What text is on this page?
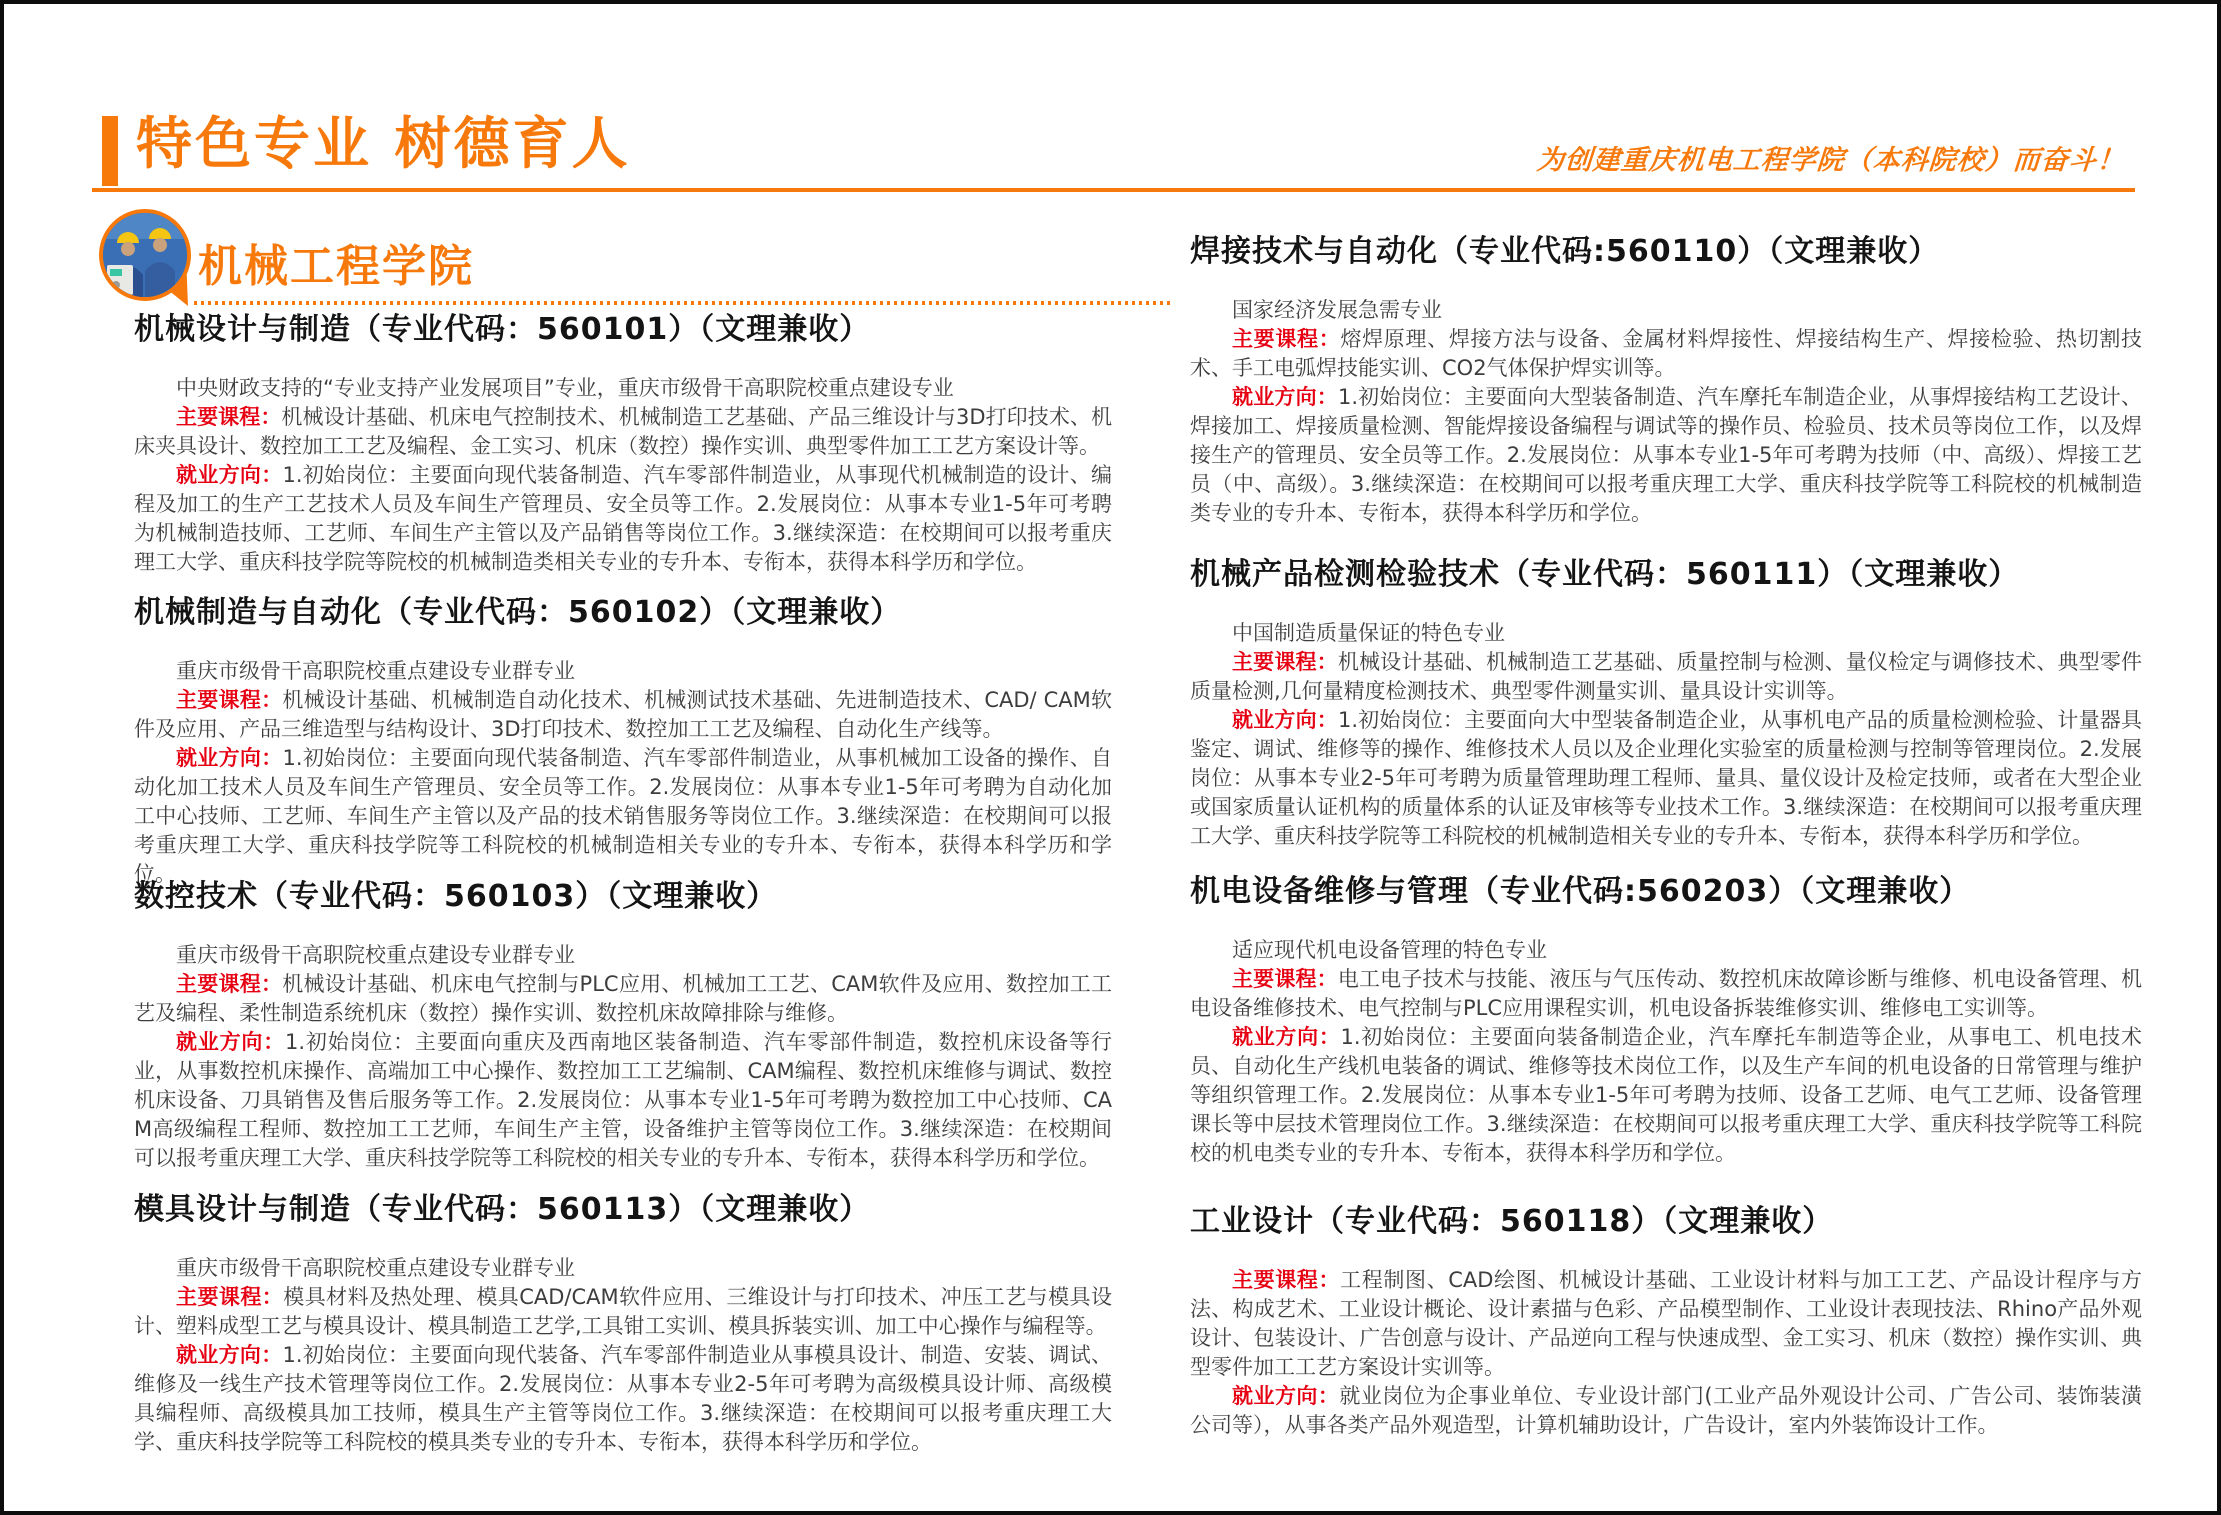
特色专业 树德育人	为创建重庆机电工程学院（本科院校）而奋斗！
机械工程学院
机械设计与制造（专业代码：560101）（文理兼收）

中央财政支持的“专业支持产业发展项目”专业，重庆市级骨干高职院校重点建设专业

主要课程：机械设计基础、机床电气控制技术、机械制造工艺基础、产品三维设计与3D打印技术、机床夹具设计、数控加工工艺及编程、金工实习、机床（数控）操作实训、典型零件加工工艺方案设计等。

就业方向：1.初始岗位：主要面向现代装备制造、汽车零部件制造业，从事现代机械制造的设计、编程及加工的生产工艺技术人员及车间生产管理员、安全员等工作。2.发展岗位：从事本专业1-5年可考聘为机械制造技师、工艺师、车间生产主管以及产品销售等岗位工作。3.继续深造：在校期间可以报考重庆理工大学、重庆科技学院等院校的机械制造类相关专业的专升本、专衔本，获得本科学历和学位。

机械制造与自动化（专业代码：560102）（文理兼收）

重庆市级骨干高职院校重点建设专业群专业

主要课程：机械设计基础、机械制造自动化技术、机械测试技术基础、先进制造技术、CAD/ CAM软件及应用、产品三维造型与结构设计、3D打印技术、数控加工工艺及编程、自动化生产线等。

就业方向：1.初始岗位：主要面向现代装备制造、汽车零部件制造业，从事机械加工设备的操作、自动化加工技术人员及车间生产管理员、安全员等工作。2.发展岗位：从事本专业1-5年可考聘为自动化加工中心技师、工艺师、车间生产主管以及产品的技术销售服务等岗位工作。3.继续深造：在校期间可以报考重庆理工大学、重庆科技学院等工科院校的机械制造相关专业的专升本、专衔本，获得本科学历和学位。

数控技术（专业代码：560103）（文理兼收）

重庆市级骨干高职院校重点建设专业群专业

主要课程：机械设计基础、机床电气控制与PLC应用、机械加工工艺、CAM软件及应用、数控加工工艺及编程、柔性制造系统机床（数控）操作实训、数控机床故障排除与维修。

就业方向：1.初始岗位：主要面向重庆及西南地区装备制造、汽车零部件制造，数控机床设备等行业，从事数控机床操作、高端加工中心操作、数控加工工艺编制、CAM编程、数控机床维修与调试、数控机床设备、刀具销售及售后服务等工作。2.发展岗位：从事本专业1-5年可考聘为数控加工中心技师、CAM高级编程工程师、数控加工工艺师，车间生产主管，设备维护主管等岗位工作。3.继续深造：在校期间可以报考重庆理工大学、重庆科技学院等工科院校的相关专业的专升本、专衔本，获得本科学历和学位。

模具设计与制造（专业代码：560113）（文理兼收）

重庆市级骨干高职院校重点建设专业群专业

主要课程：模具材料及热处理、模具CAD/CAM软件应用、三维设计与打印技术、冲压工艺与模具设计、塑料成型工艺与模具设计、模具制造工艺学,工具钳工实训、模具拆装实训、加工中心操作与编程等。

就业方向：1.初始岗位：主要面向现代装备、汽车零部件制造业从事模具设计、制造、安装、调试、维修及一线生产技术管理等岗位工作。2.发展岗位：从事本专业2-5年可考聘为高级模具设计师、高级模具编程师、高级模具加工技师，模具生产主管等岗位工作。3.继续深造：在校期间可以报考重庆理工大学、重庆科技学院等工科院校的模具类专业的专升本、专衔本，获得本科学历和学位。

焊接技术与自动化（专业代码:560110）（文理兼收）

国家经济发展急需专业

主要课程：熔焊原理、焊接方法与设备、金属材料焊接性、焊接结构生产、焊接检验、热切割技术、手工电弧焊技能实训、CO2气体保护焊实训等。

就业方向：1.初始岗位：主要面向大型装备制造、汽车摩托车制造企业，从事焊接结构工艺设计、焊接加工、焊接质量检测、智能焊接设备编程与调试等的操作员、检验员、技术员等岗位工作，以及焊接生产的管理员、安全员等工作。2.发展岗位：从事本专业1-5年可考聘为技师（中、高级）、焊接工艺员（中、高级）。3.继续深造：在校期间可以报考重庆理工大学、重庆科技学院等工科院校的机械制造类专业的专升本、专衔本，获得本科学历和学位。

机械产品检测检验技术（专业代码：560111）（文理兼收）

中国制造质量保证的特色专业

主要课程：机械设计基础、机械制造工艺基础、质量控制与检测、量仪检定与调修技术、典型零件质量检测,几何量精度检测技术、典型零件测量实训、量具设计实训等。

就业方向：1.初始岗位：主要面向大中型装备制造企业，从事机电产品的质量检测检验、计量器具鉴定、调试、维修等的操作、维修技术人员以及企业理化实验室的质量检测与控制等管理岗位。2.发展岗位：从事本专业2-5年可考聘为质量管理助理工程师、量具、量仪设计及检定技师，或者在大型企业或国家质量认证机构的质量体系的认证及审核等专业技术工作。3.继续深造：在校期间可以报考重庆理工大学、重庆科技学院等工科院校的机械制造相关专业的专升本、专衔本，获得本科学历和学位。

机电设备维修与管理（专业代码:560203）（文理兼收）

适应现代机电设备管理的特色专业

主要课程：电工电子技术与技能、液压与气压传动、数控机床故障诊断与维修、机电设备管理、机电设备维修技术、电气控制与PLC应用课程实训，机电设备拆装维修实训、维修电工实训等。

就业方向：1.初始岗位：主要面向装备制造企业，汽车摩托车制造等企业，从事电工、机电技术员、自动化生产线机电装备的调试、维修等技术岗位工作，以及生产车间的机电设备的日常管理与维护等组织管理工作。2.发展岗位：从事本专业1-5年可考聘为技师、设备工艺师、电气工艺师、设备管理课长等中层技术管理岗位工作。3.继续深造：在校期间可以报考重庆理工大学、重庆科技学院等工科院校的机电类专业的专升本、专衔本，获得本科学历和学位。

工业设计（专业代码：560118）（文理兼收）

主要课程：工程制图、CAD绘图、机械设计基础、工业设计材料与加工工艺、产品设计程序与方法、构成艺术、工业设计概论、设计素描与色彩、产品模型制作、工业设计表现技法、Rhino产品外观设计、包装设计、广告创意与设计、产品逆向工程与快速成型、金工实习、机床（数控）操作实训、典型零件加工工艺方案设计实训等。

就业方向：就业岗位为企事业单位、专业设计部门(工业产品外观设计公司、广告公司、装饰装潢公司等），从事各类产品外观造型，计算机辅助设计，广告设计，室内外装饰设计工作。
